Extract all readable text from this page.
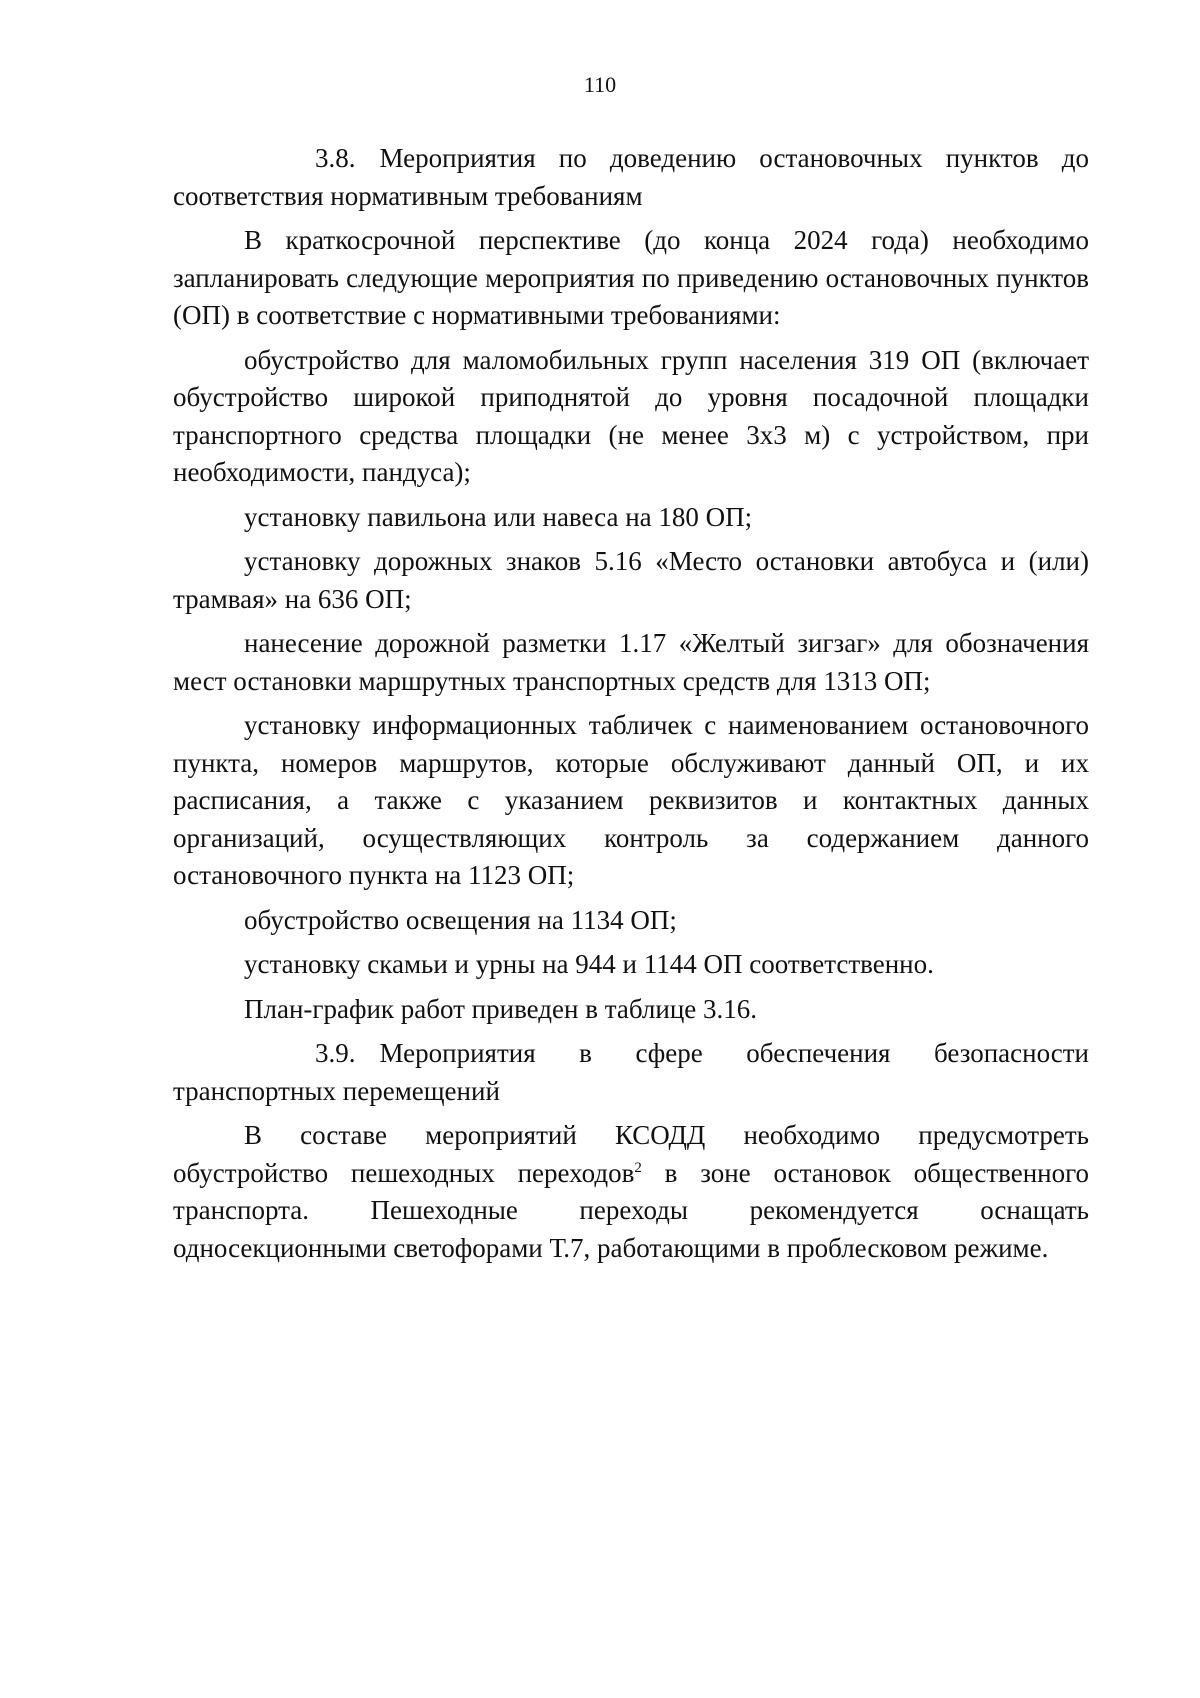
110

3.8. Мероприятия по доведению остановочных пунктов до соответствия нормативным требованиям

В краткосрочной перспективе (до конца 2024 года) необходимо запланировать следующие мероприятия по приведению остановочных пунктов (ОП) в соответствие с нормативными требованиями:

обустройство для маломобильных групп населения 319 ОП (включает обустройство широкой приподнятой до уровня посадочной площадки транспортного средства площадки (не менее 3х3 м) с устройством, при необходимости, пандуса);

установку павильона или навеса на 180 ОП;

установку дорожных знаков 5.16 «Место остановки автобуса и (или) трамвая» на 636 ОП;

нанесение дорожной разметки 1.17 «Желтый зигзаг» для обозначения мест остановки маршрутных транспортных средств для 1313 ОП;

установку информационных табличек с наименованием остановочного пункта, номеров маршрутов, которые обслуживают данный ОП, и их расписания, а также с указанием реквизитов и контактных данных организаций, осуществляющих контроль за содержанием данного остановочного пункта на 1123 ОП;

обустройство освещения на 1134 ОП;

установку скамьи и урны на 944 и 1144 ОП соответственно.

План-график работ приведен в таблице 3.16.

3.9. Мероприятия в сфере обеспечения безопасности транспортных перемещений

В составе мероприятий КСОДД необходимо предусмотреть обустройство пешеходных переходов$^2$ в зоне остановок общественного транспорта. Пешеходные переходы рекомендуется оснащать односекционными светофорами Т.7, работающими в проблесковом режиме.
